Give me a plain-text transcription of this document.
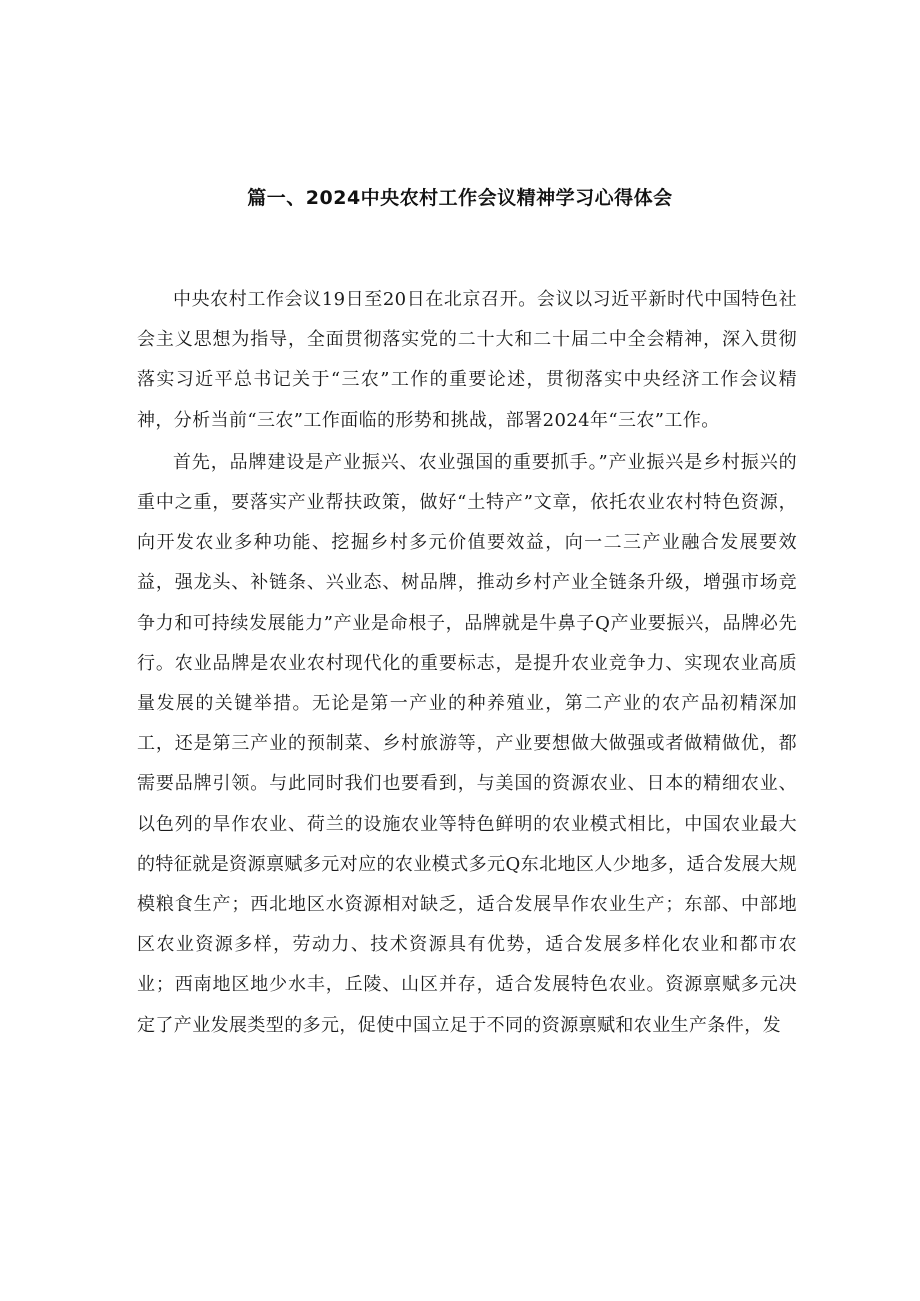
篇一、2024中央农村工作会议精神学习心得体会

中央农村工作会议19日至20日在北京召开。会议以习近平新时代中国特色社会主义思想为指导，全面贯彻落实党的二十大和二十届二中全会精神，深入贯彻落实习近平总书记关于“三农”工作的重要论述，贯彻落实中央经济工作会议精神，分析当前“三农”工作面临的形势和挑战，部署2024年“三农”工作。

首先，品牌建设是产业振兴、农业强国的重要抓手。”产业振兴是乡村振兴的重中之重，要落实产业帮扶政策，做好“土特产”文章，依托农业农村特色资源，向开发农业多种功能、挖掘乡村多元价值要效益，向一二三产业融合发展要效益，强龙头、补链条、兴业态、树品牌，推动乡村产业全链条升级，增强市场竞争力和可持续发展能力”产业是命根子，品牌就是牛鼻子Q产业要振兴，品牌必先行。农业品牌是农业农村现代化的重要标志，是提升农业竞争力、实现农业高质量发展的关键举措。无论是第一产业的种养殖业，第二产业的农产品初精深加工，还是第三产业的预制菜、乡村旅游等，产业要想做大做强或者做精做优，都需要品牌引领。与此同时我们也要看到，与美国的资源农业、日本的精细农业、以色列的旱作农业、荷兰的设施农业等特色鲜明的农业模式相比，中国农业最大的特征就是资源禀赋多元对应的农业模式多元Q东北地区人少地多，适合发展大规模粮食生产；西北地区水资源相对缺乏，适合发展旱作农业生产；东部、中部地区农业资源多样，劳动力、技术资源具有优势，适合发展多样化农业和都市农业；西南地区地少水丰，丘陵、山区并存，适合发展特色农业。资源禀赋多元决定了产业发展类型的多元，促使中国立足于不同的资源禀赋和农业生产条件，发
